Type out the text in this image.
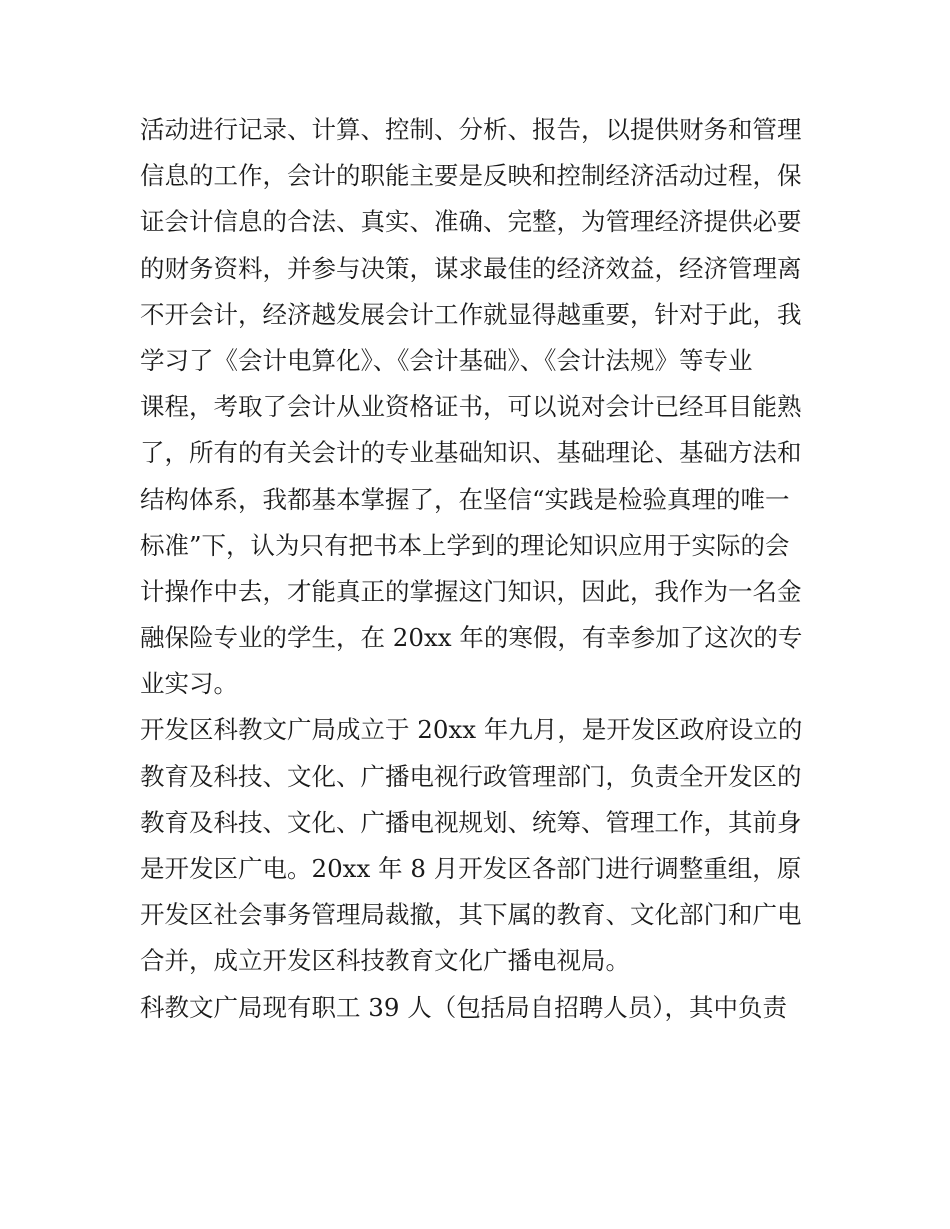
活动进行记录、计算、控制、分析、报告，以提供财务和管理
信息的工作，会计的职能主要是反映和控制经济活动过程，保
证会计信息的合法、真实、准确、完整，为管理经济提供必要
的财务资料，并参与决策，谋求最佳的经济效益，经济管理离
不开会计，经济越发展会计工作就显得越重要，针对于此，我
学习了《会计电算化》、《会计基础》、《会计法规》等专业
课程，考取了会计从业资格证书，可以说对会计已经耳目能熟
了，所有的有关会计的专业基础知识、基础理论、基础方法和
结构体系，我都基本掌握了，在坚信“实践是检验真理的唯一
标准”下，认为只有把书本上学到的理论知识应用于实际的会
计操作中去，才能真正的掌握这门知识，因此，我作为一名金
融保险专业的学生，在 20xx 年的寒假，有幸参加了这次的专
业实习。
开发区科教文广局成立于 20xx 年九月，是开发区政府设立的
教育及科技、文化、广播电视行政管理部门，负责全开发区的
教育及科技、文化、广播电视规划、统筹、管理工作，其前身
是开发区广电。20xx 年 8 月开发区各部门进行调整重组，原
开发区社会事务管理局裁撤，其下属的教育、文化部门和广电
合并，成立开发区科技教育文化广播电视局。
科教文广局现有职工 39 人（包括局自招聘人员），其中负责
